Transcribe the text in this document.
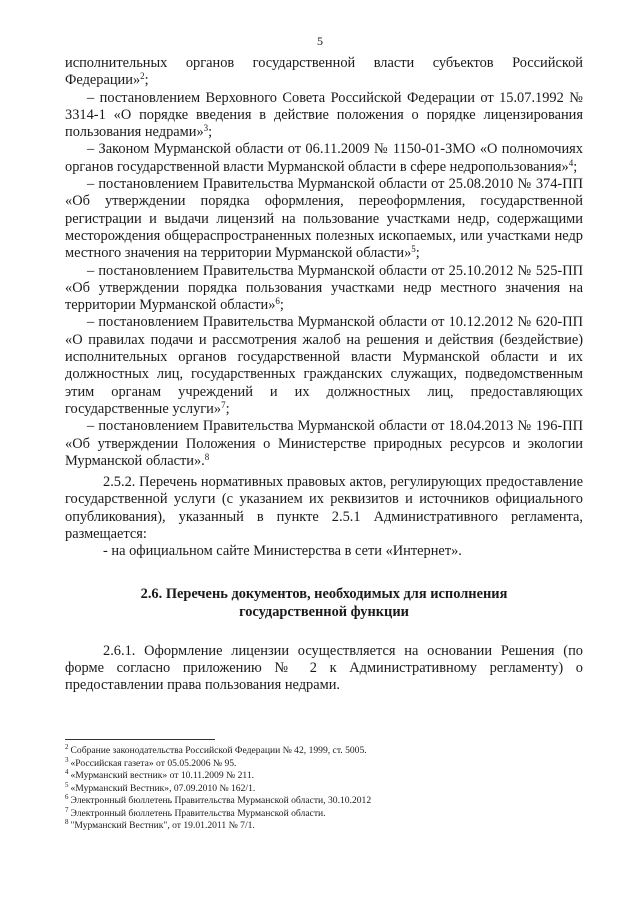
5

исполнительных органов государственной власти субъектов Российской Федерации»$^2$;

– постановлением Верховного Совета Российской Федерации от 15.07.1992 № 3314-1 «О порядке введения в действие положения о порядке лицензирования пользования недрами»$^3$;

– Законом Мурманской области от 06.11.2009 № 1150-01-ЗМО «О полномочиях органов государственной власти Мурманской области в сфере недропользования»$^4$;

– постановлением Правительства Мурманской области от 25.08.2010 № 374-ПП «Об утверждении порядка оформления, переоформления, государственной регистрации и выдачи лицензий на пользование участками недр, содержащими месторождения общераспространенных полезных ископаемых, или участками недр местного значения на территории Мурманской области»$^5$;

– постановлением Правительства Мурманской области от 25.10.2012 № 525-ПП «Об утверждении порядка пользования участками недр местного значения на территории Мурманской области»$^6$;

– постановлением Правительства Мурманской области от 10.12.2012 № 620-ПП «О правилах подачи и рассмотрения жалоб на решения и действия (бездействие) исполнительных органов государственной власти Мурманской области и их должностных лиц, государственных гражданских служащих, подведомственным этим органам учреждений и их должностных лиц, предоставляющих государственные услуги»$^7$;

– постановлением Правительства Мурманской области от 18.04.2013 № 196-ПП «Об утверждении Положения о Министерстве природных ресурсов и экологии Мурманской области».$^8$

2.5.2. Перечень нормативных правовых актов, регулирующих предоставление государственной услуги (с указанием их реквизитов и источников официального опубликования), указанный в пункте 2.5.1 Административного регламента, размещается:

- на официальном сайте Министерства в сети «Интернет».

2.6. Перечень документов, необходимых для исполнения
государственной функции

2.6.1. Оформление лицензии осуществляется на основании Решения (по форме согласно приложению № 2 к Административному регламенту) о предоставлении права пользования недрами.

$^2$ Собрание законодательства Российской Федерации № 42, 1999, ст. 5005.
$^3$ «Российская газета» от 05.05.2006 № 95.
$^4$ «Мурманский вестник» от 10.11.2009 № 211.
$^5$ «Мурманский Вестник», 07.09.2010 № 162/1.
$^6$ Электронный бюллетень Правительства Мурманской области, 30.10.2012
$^7$ Электронный бюллетень Правительства Мурманской области.
$^8$ "Мурманский Вестник", от 19.01.2011 № 7/1.
